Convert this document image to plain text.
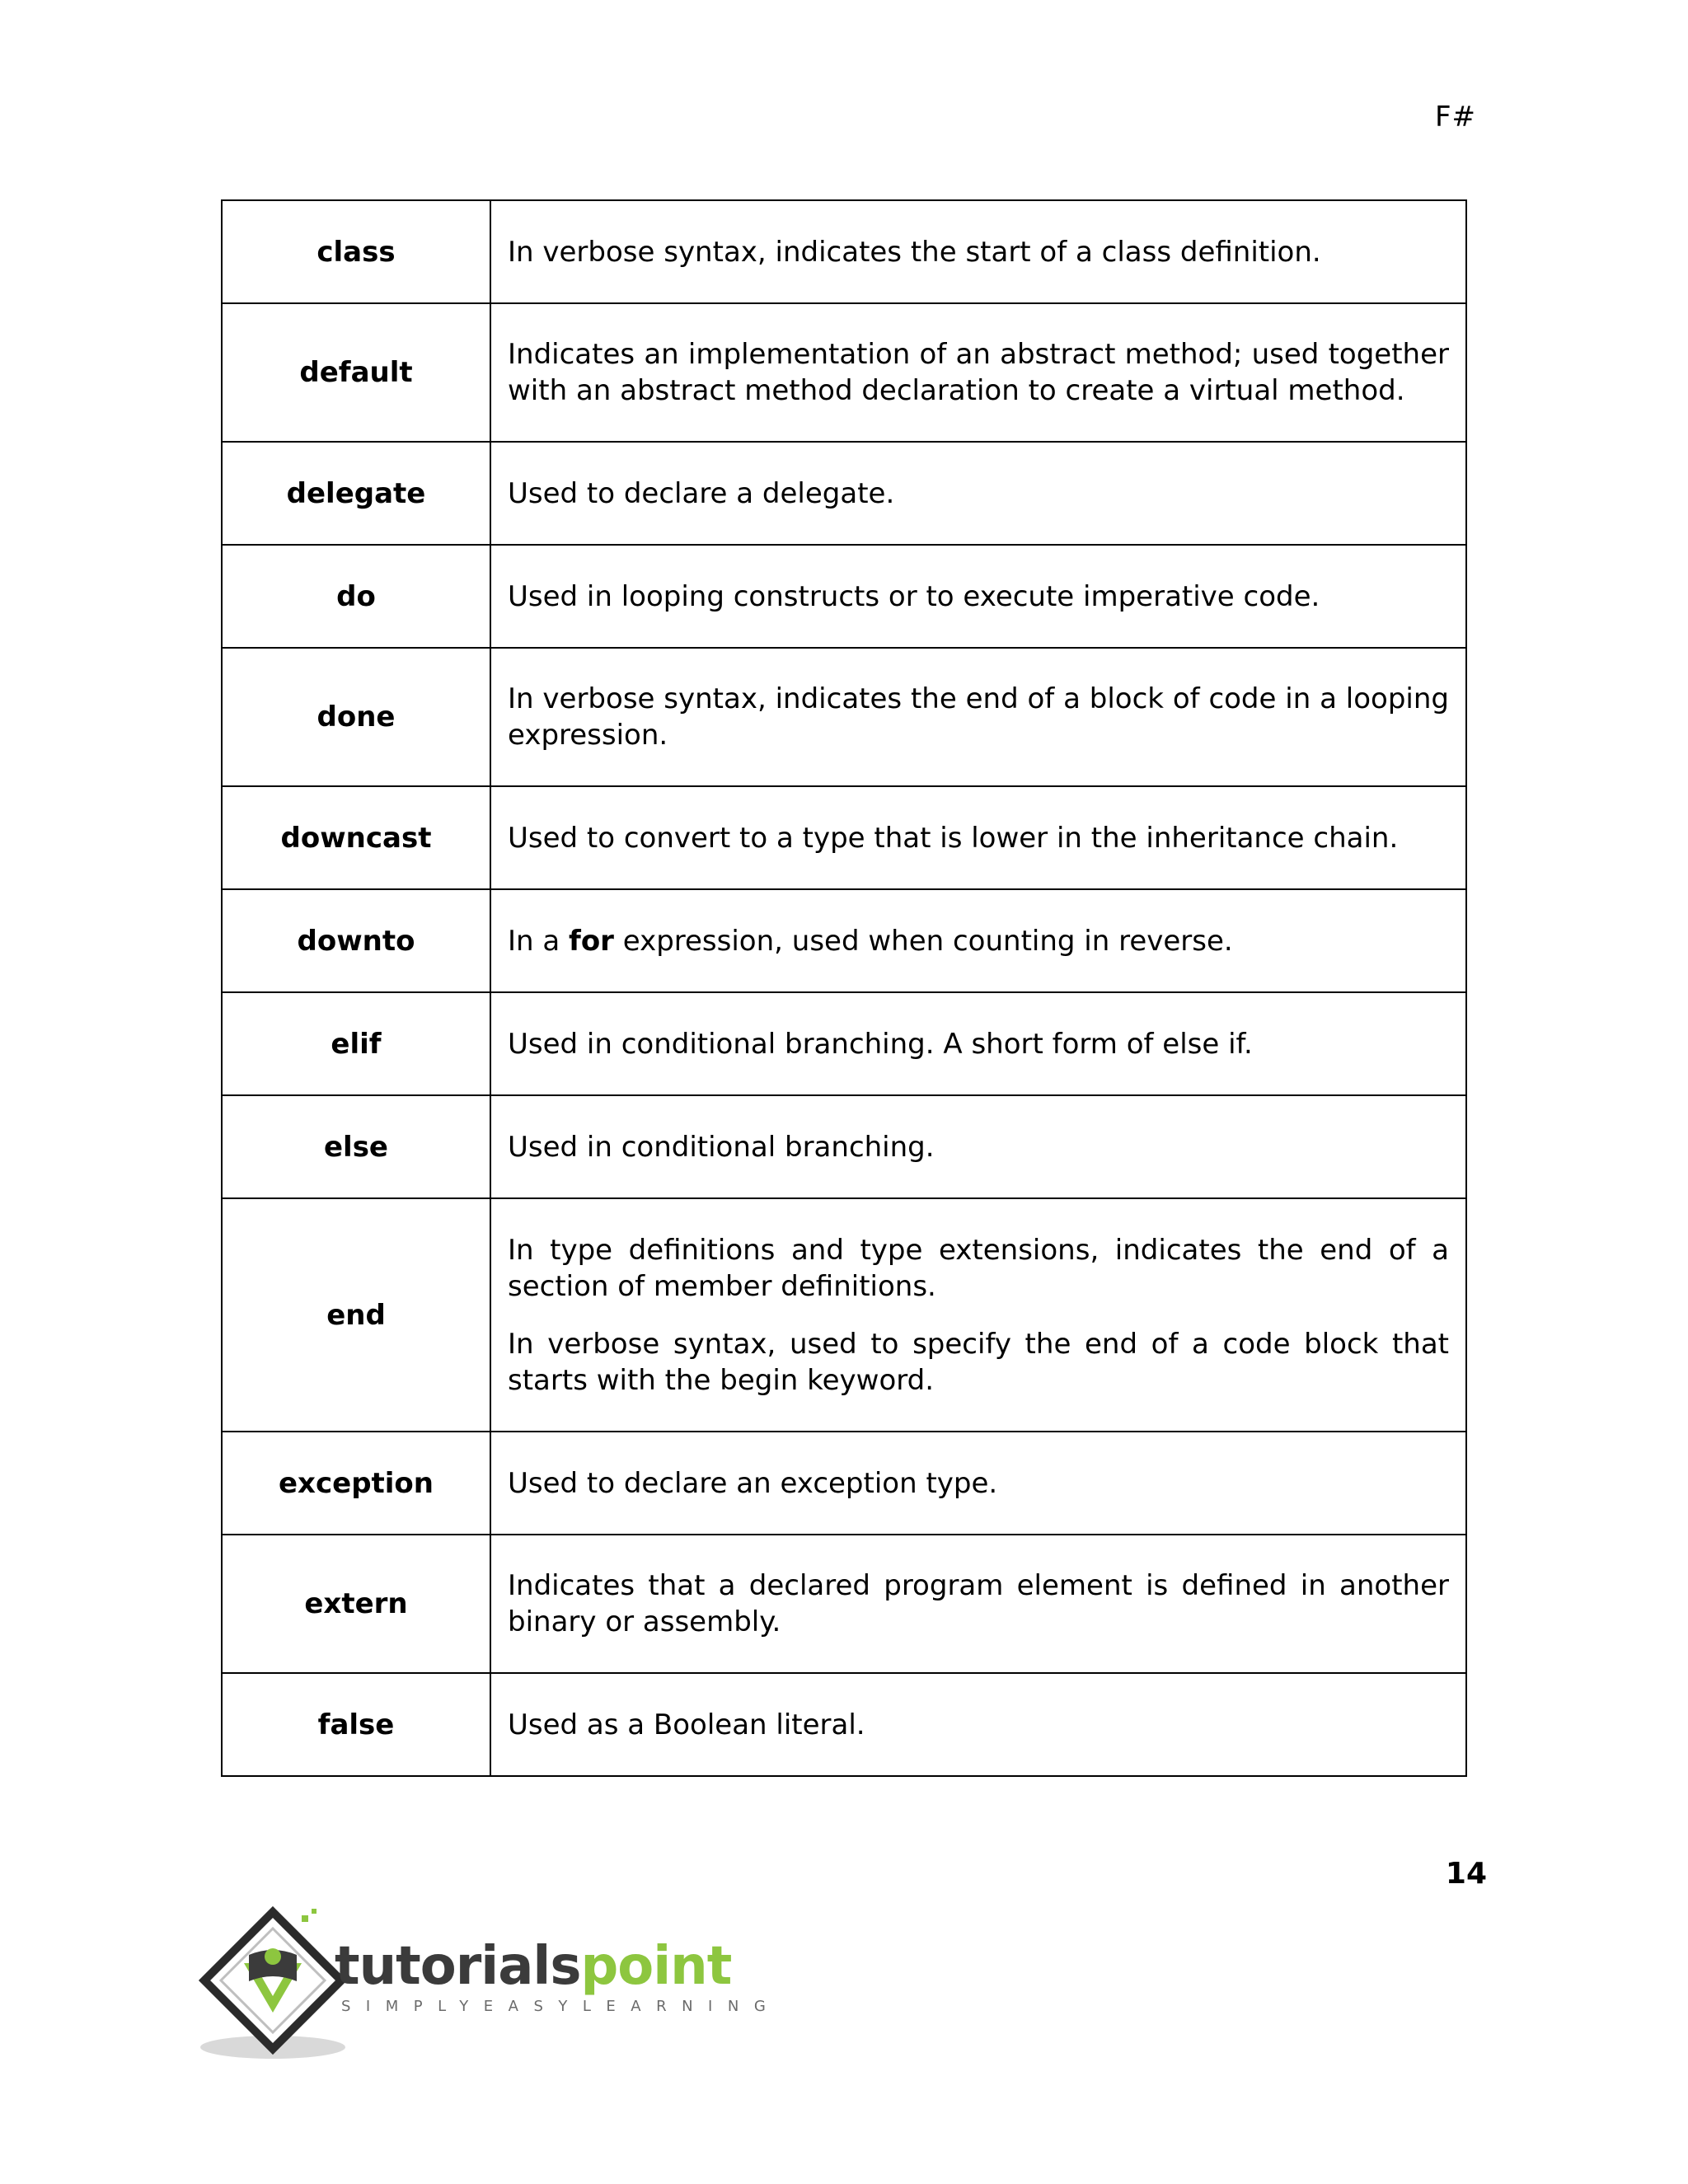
F#
class	In verbose syntax, indicates the start of a class definition.

default	Indicates an implementation of an abstract method; used together with an abstract method declaration to create a virtual method.

delegate	Used to declare a delegate.

do	Used in looping constructs or to execute imperative code.

done	In verbose syntax, indicates the end of a block of code in a looping expression.

downcast	Used to convert to a type that is lower in the inheritance chain.

downto	In a for expression, used when counting in reverse.

elif	Used in conditional branching. A short form of else if.

else	Used in conditional branching.

end	In type definitions and type extensions, indicates the end of a section of member definitions.
In verbose syntax, used to specify the end of a code block that starts with the begin keyword.

exception	Used to declare an exception type.

extern	Indicates that a declared program element is defined in another binary or assembly.

false	Used as a Boolean literal.
14
tutorialspoint
SIMPLYEASYLEARNING
